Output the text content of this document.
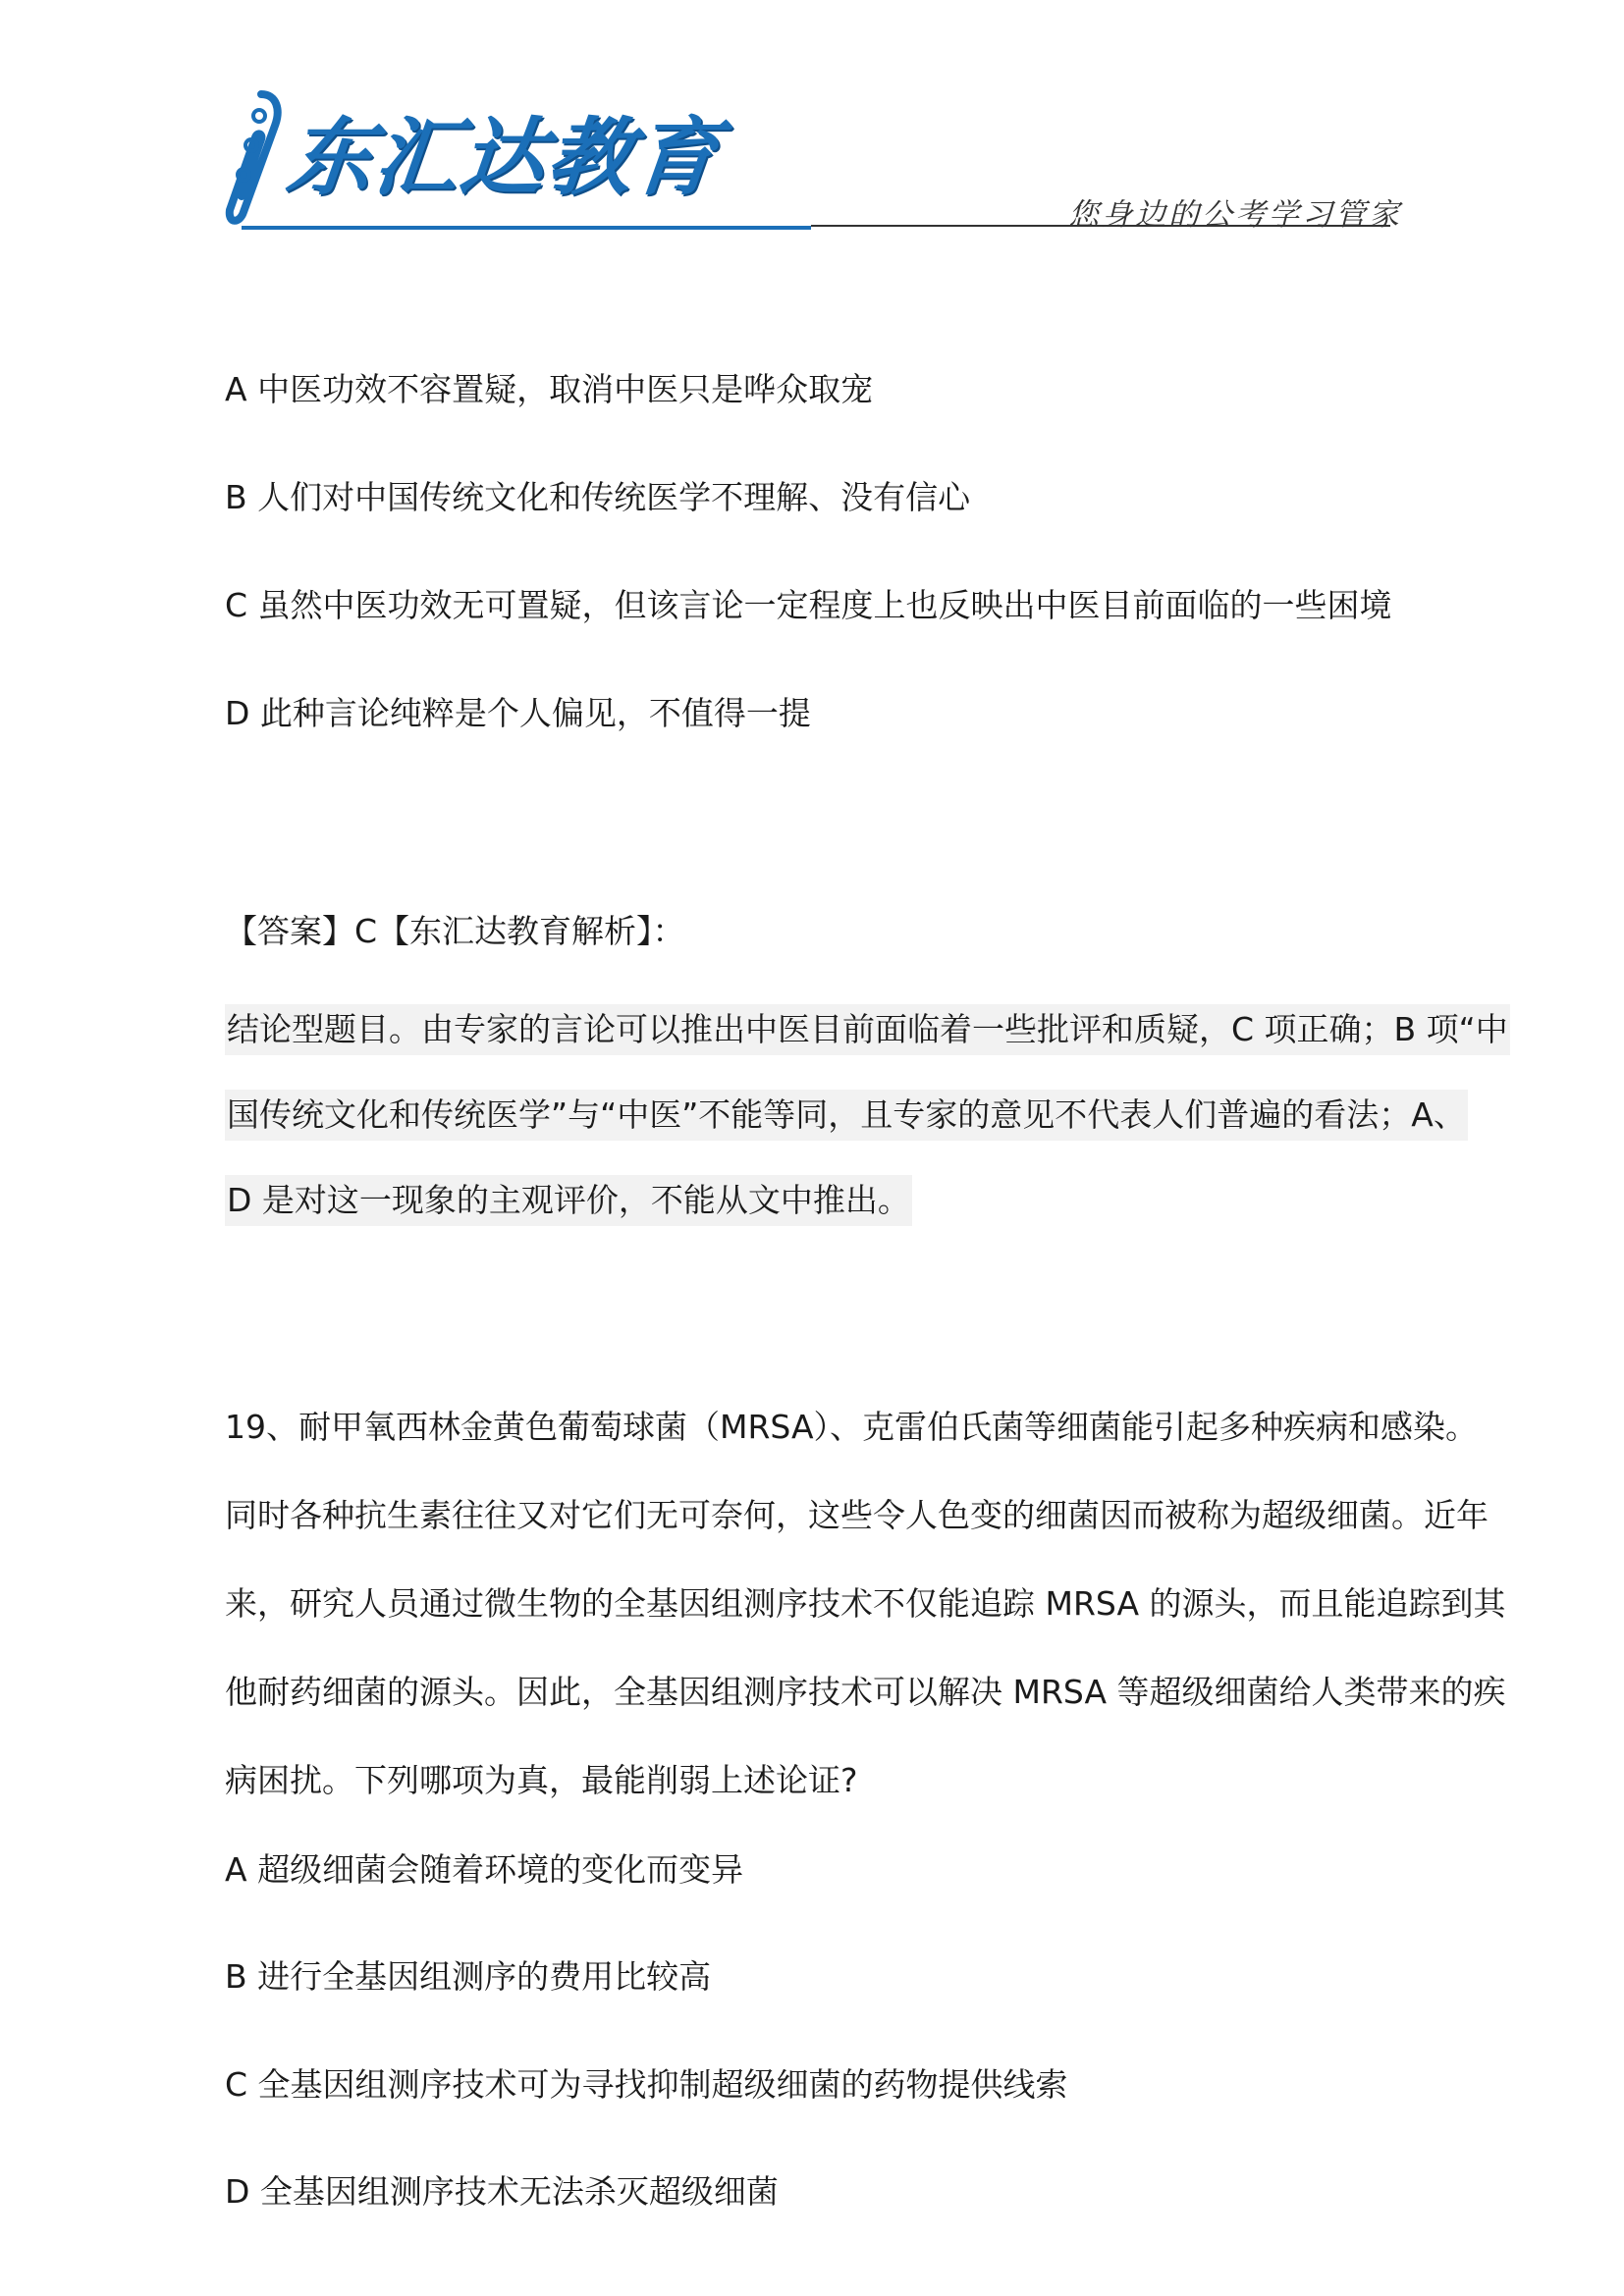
东汇达教育
您身边的公考学习管家
A 中医功效不容置疑，取消中医只是哗众取宠
B 人们对中国传统文化和传统医学不理解、没有信心
C 虽然中医功效无可置疑，但该言论一定程度上也反映出中医目前面临的一些困境
D 此种言论纯粹是个人偏见，不值得一提
【答案】C【东汇达教育解析】：
结论型题目。由专家的言论可以推出中医目前面临着一些批评和质疑，C 项正确；B 项“中
国传统文化和传统医学”与“中医”不能等同，且专家的意见不代表人们普遍的看法；A、
D 是对这一现象的主观评价，不能从文中推出。
19、耐甲氧西林金黄色葡萄球菌（MRSA）、克雷伯氏菌等细菌能引起多种疾病和感染。
同时各种抗生素往往又对它们无可奈何，这些令人色变的细菌因而被称为超级细菌。近年
来，研究人员通过微生物的全基因组测序技术不仅能追踪 MRSA 的源头，而且能追踪到其
他耐药细菌的源头。因此，全基因组测序技术可以解决 MRSA 等超级细菌给人类带来的疾
病困扰。下列哪项为真，最能削弱上述论证?
A 超级细菌会随着环境的变化而变异
B 进行全基因组测序的费用比较高
C 全基因组测序技术可为寻找抑制超级细菌的药物提供线索
D 全基因组测序技术无法杀灭超级细菌
